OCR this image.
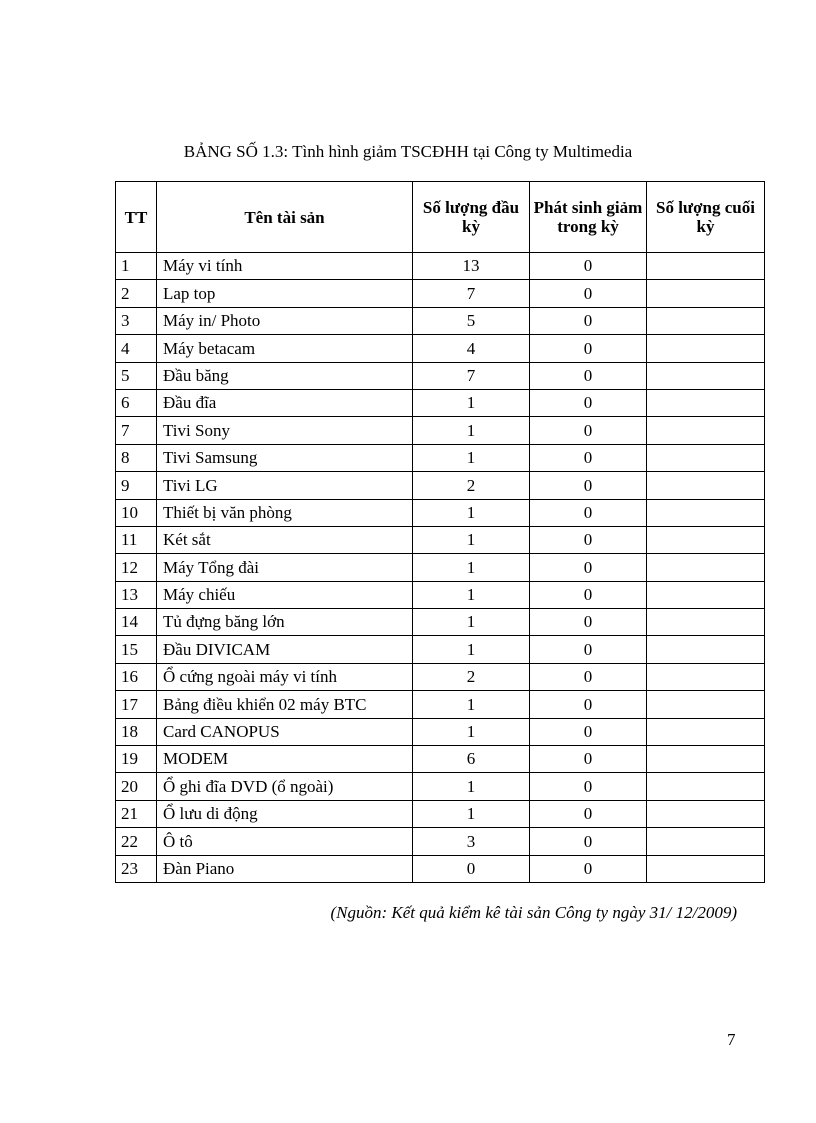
BẢNG SỐ 1.3: Tình hình giảm TSCĐHH tại Công ty Multimedia
TT	Tên tài sản	Số lượng đầu kỳ	Phát sinh giảm trong kỳ	Số lượng cuối kỳ
1	Máy vi tính	13	0	
2	Lap top	7	0	
3	Máy in/ Photo	5	0	
4	Máy betacam	4	0	
5	Đầu băng	7	0	
6	Đầu đĩa	1	0	
7	Tivi Sony	1	0	
8	Tivi Samsung	1	0	
9	Tivi LG	2	0	
10	Thiết bị văn phòng	1	0	
11	Két sắt	1	0	
12	Máy Tổng đài	1	0	
13	Máy chiếu	1	0	
14	Tủ đựng băng lớn	1	0	
15	Đầu DIVICAM	1	0	
16	Ổ cứng ngoài máy vi tính	2	0	
17	Bảng điều khiển 02 máy BTC	1	0	
18	Card CANOPUS	1	0	
19	MODEM	6	0	
20	Ổ ghi đĩa DVD (ổ ngoài)	1	0	
21	Ổ lưu di động	1	0	
22	Ô tô	3	0	
23	Đàn Piano	0	0	
(Nguồn: Kết quả kiểm kê tài sản Công ty ngày 31/ 12/2009)
7
